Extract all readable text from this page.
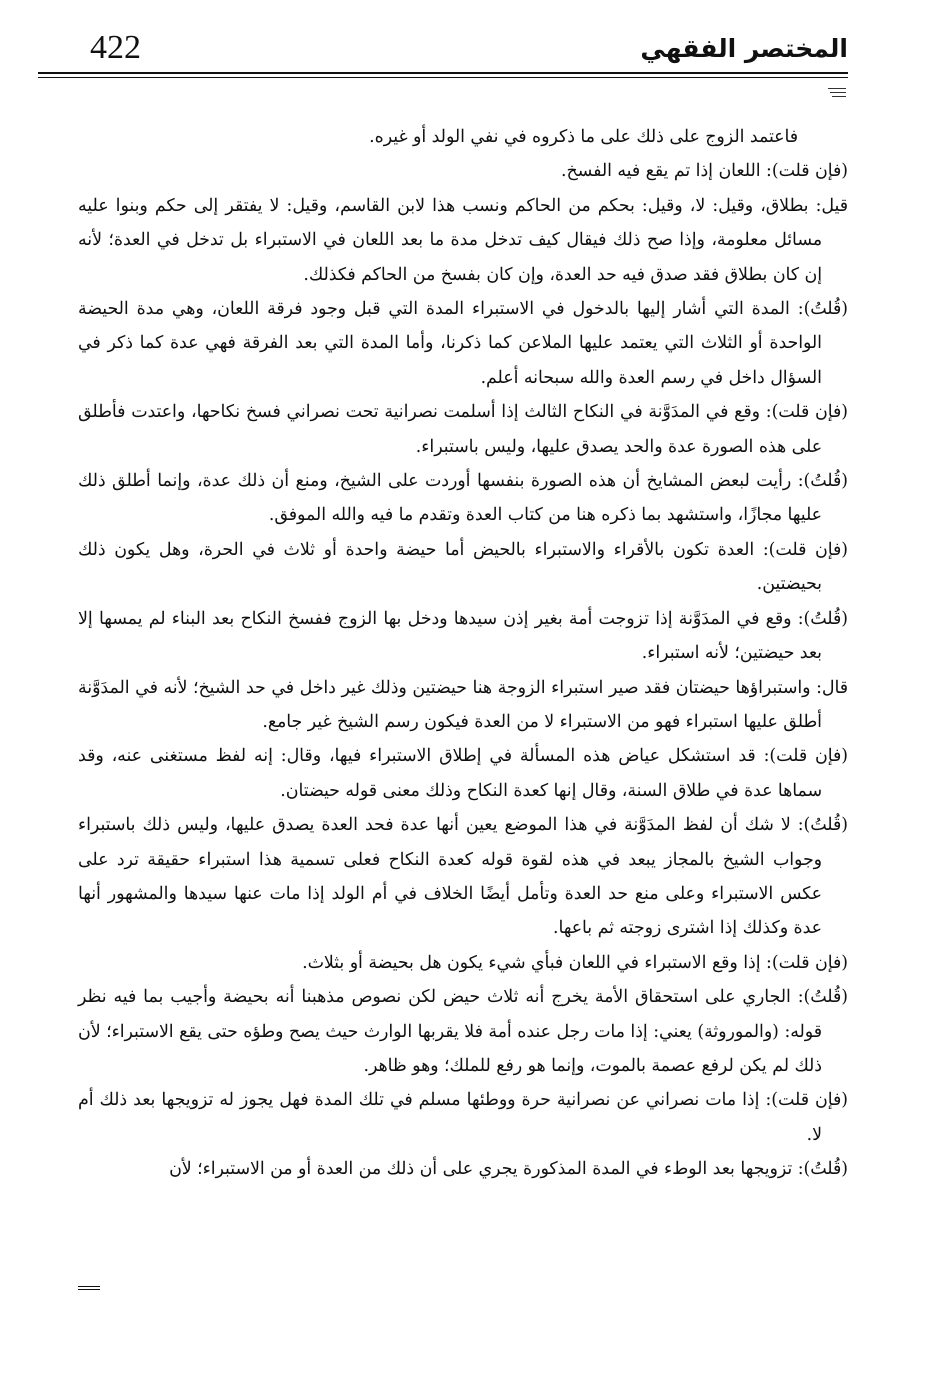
422	المختصر الفقهي

فاعتمد الزوج على ذلك على ما ذكروه في نفي الولد أو غيره.

(فإن قلت): اللعان إذا تم يقع فيه الفسخ.

قيل: بطلاق، وقيل: لا، وقيل: بحكم من الحاكم ونسب هذا لابن القاسم، وقيل: لا يفتقر إلى حكم وبنوا عليه مسائل معلومة، وإذا صح ذلك فيقال كيف تدخل مدة ما بعد اللعان في الاستبراء بل تدخل في العدة؛ لأنه إن كان بطلاق فقد صدق فيه حد العدة، وإن كان بفسخ من الحاكم فكذلك.

(قُلتُ): المدة التي أشار إليها بالدخول في الاستبراء المدة التي قبل وجود فرقة اللعان، وهي مدة الحيضة الواحدة أو الثلاث التي يعتمد عليها الملاعن كما ذكرنا، وأما المدة التي بعد الفرقة فهي عدة كما ذكر في السؤال داخل في رسم العدة والله سبحانه أعلم.

(فإن قلت): وقع في المدَوَّنة في النكاح الثالث إذا أسلمت نصرانية تحت نصراني فسخ نكاحها، واعتدت فأطلق على هذه الصورة عدة والحد يصدق عليها، وليس باستبراء.

(قُلتُ): رأيت لبعض المشايخ أن هذه الصورة بنفسها أوردت على الشيخ، ومنع أن ذلك عدة، وإنما أطلق ذلك عليها مجازًا، واستشهد بما ذكره هنا من كتاب العدة وتقدم ما فيه والله الموفق.

(فإن قلت): العدة تكون بالأقراء والاستبراء بالحيض أما حيضة واحدة أو ثلاث في الحرة، وهل يكون ذلك بحيضتين.

(قُلتُ): وقع في المدَوَّنة إذا تزوجت أمة بغير إذن سيدها ودخل بها الزوج ففسخ النكاح بعد البناء لم يمسها إلا بعد حيضتين؛ لأنه استبراء.

قال: واستبراؤها حيضتان فقد صير استبراء الزوجة هنا حيضتين وذلك غير داخل في حد الشيخ؛ لأنه في المدَوَّنة أطلق عليها استبراء فهو من الاستبراء لا من العدة فيكون رسم الشيخ غير جامع.

(فإن قلت): قد استشكل عياض هذه المسألة في إطلاق الاستبراء فيها، وقال: إنه لفظ مستغنى عنه، وقد سماها عدة في طلاق السنة، وقال إنها كعدة النكاح وذلك معنى قوله حيضتان.

(قُلتُ): لا شك أن لفظ المدَوَّنة في هذا الموضع يعين أنها عدة فحد العدة يصدق عليها، وليس ذلك باستبراء وجواب الشيخ بالمجاز يبعد في هذه لقوة قوله كعدة النكاح فعلى تسمية هذا استبراء حقيقة ترد على عكس الاستبراء وعلى منع حد العدة وتأمل أيضًا الخلاف في أم الولد إذا مات عنها سيدها والمشهور أنها عدة وكذلك إذا اشترى زوجته ثم باعها.

(فإن قلت): إذا وقع الاستبراء في اللعان فبأي شيء يكون هل بحيضة أو بثلاث.

(قُلتُ): الجاري على استحقاق الأمة يخرج أنه ثلاث حيض لكن نصوص مذهبنا أنه بحيضة وأجيب بما فيه نظر قوله: (والموروثة) يعني: إذا مات رجل عنده أمة فلا يقربها الوارث حيث يصح وطؤه حتى يقع الاستبراء؛ لأن ذلك لم يكن لرفع عصمة بالموت، وإنما هو رفع للملك؛ وهو ظاهر.

(فإن قلت): إذا مات نصراني عن نصرانية حرة ووطئها مسلم في تلك المدة فهل يجوز له تزويجها بعد ذلك أم لا.

(قُلتُ): تزويجها بعد الوطء في المدة المذكورة يجري على أن ذلك من العدة أو من الاستبراء؛ لأن
